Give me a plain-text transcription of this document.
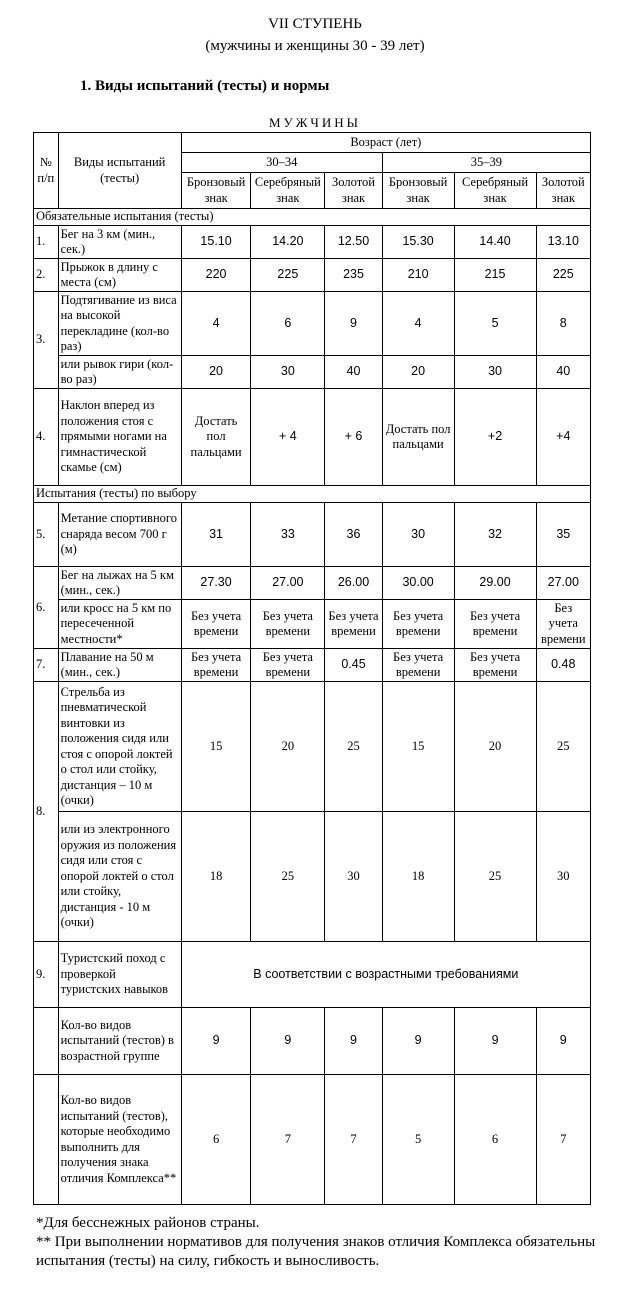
VII СТУПЕНЬ
(мужчины и женщины 30 - 39 лет)
1. Виды испытаний (тесты) и нормы
МУЖЧИНЫ
№ п/п	Виды испытаний (тесты)	Возраст (лет)					
		30–34			35–39		
		Бронзовый знак	Серебряный знак	Золотой знак	Бронзовый знак	Серебряный знак	Золотой знак
Обязательные испытания (тесты)							
1.	Бег на 3 км (мин., сек.)	15.10	14.20	12.50	15.30	14.40	13.10
2.	Прыжок в длину с места (см)	220	225	235	210	215	225
3.	Подтягивание из виса на высокой перекладине (кол-во раз)	4	6	9	4	5	8
	или рывок гири (кол-во раз)	20	30	40	20	30	40
4.	Наклон вперед из положения стоя с прямыми ногами на гимнастической скамье (см)	Достать пол пальцами	+ 4	+ 6	Достать пол пальцами	+2	+4
Испытания (тесты) по выбору							
5.	Метание спортивного снаряда весом 700 г (м)	31	33	36	30	32	35
6.	Бег на лыжах на 5 км (мин., сек.)	27.30	27.00	26.00	30.00	29.00	27.00
	или кросс на 5 км по пересеченной местности*	Без учета времени	Без учета времени	Без учета времени	Без учета времени	Без учета времени	Без учета времени
7.	Плавание на 50 м (мин., сек.)	Без учета времени	Без учета времени	0.45	Без учета времени	Без учета времени	0.48
8.	Стрельба из пневматической винтовки из положения сидя или стоя с опорой локтей о стол или стойку, дистанция – 10 м (очки)	15	20	25	15	20	25
	или из электронного оружия из положения сидя или стоя с опорой локтей о стол или стойку, дистанция - 10 м (очки)	18	25	30	18	25	30
9.	Туристский поход с проверкой туристских навыков	В соответствии с возрастными требованиями					
	Кол-во видов испытаний (тестов) в возрастной группе	9	9	9	9	9	9
	Кол-во видов испытаний (тестов), которые необходимо выполнить для получения знака отличия Комплекса**	6	7	7	5	6	7

*Для бесснежных районов страны.

** При выполнении нормативов для получения знаков отличия Комплекса обязательны испытания (тесты) на силу, гибкость и выносливость.
